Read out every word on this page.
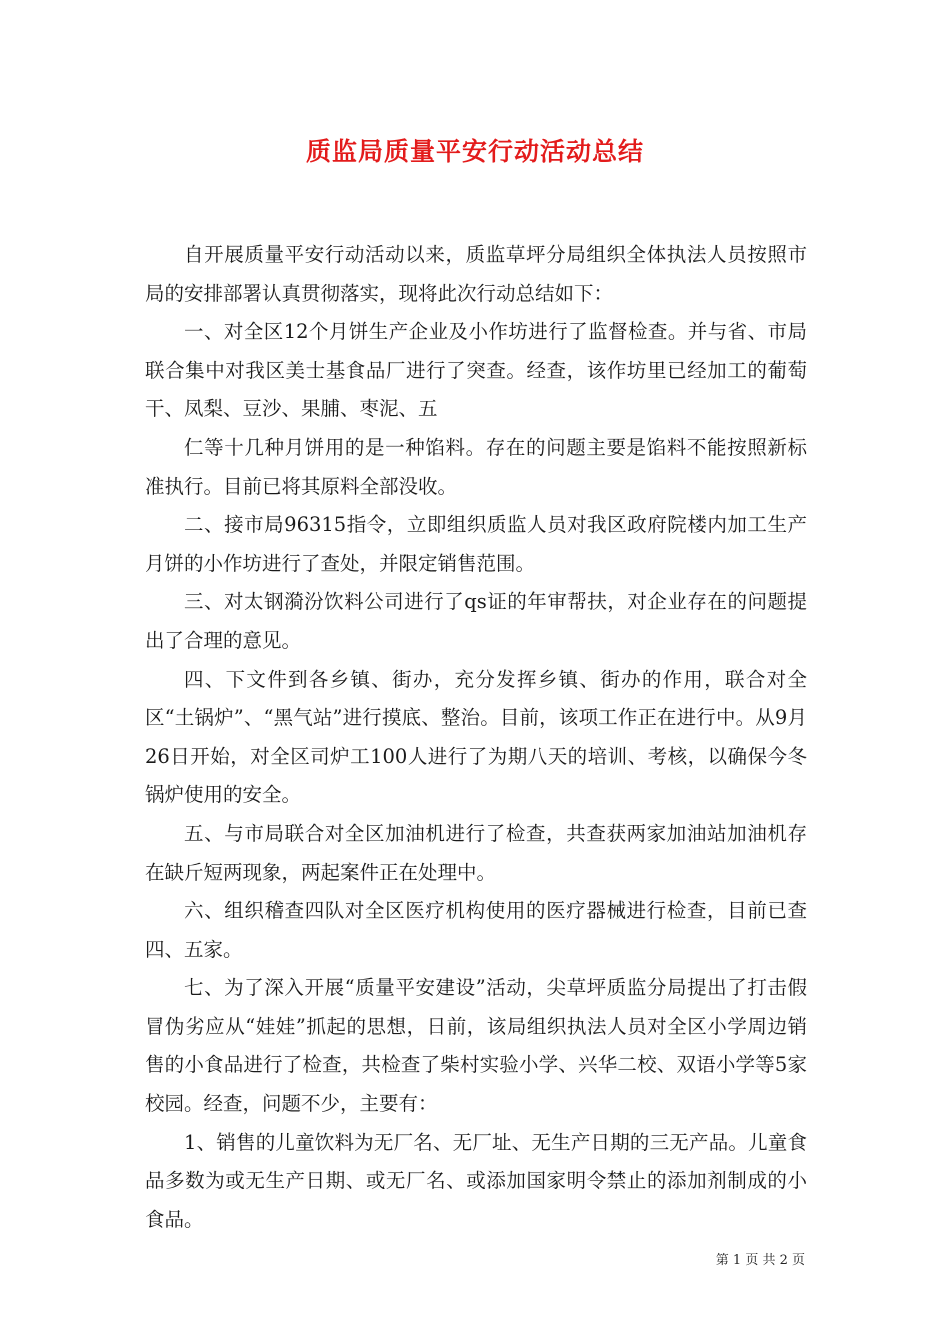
质监局质量平安行动活动总结

自开展质量平安行动活动以来，质监草坪分局组织全体执法人员按照市局的安排部署认真贯彻落实，现将此次行动总结如下：

一、对全区12个月饼生产企业及小作坊进行了监督检查。并与省、市局联合集中对我区美士基食品厂进行了突查。经查，该作坊里已经加工的葡萄干、凤梨、豆沙、果脯、枣泥、五

仁等十几种月饼用的是一种馅料。存在的问题主要是馅料不能按照新标准执行。目前已将其原料全部没收。

二、接市局96315指令，立即组织质监人员对我区政府院楼内加工生产月饼的小作坊进行了查处，并限定销售范围。

三、对太钢漪汾饮料公司进行了qs证的年审帮扶，对企业存在的问题提出了合理的意见。

四、下文件到各乡镇、街办，充分发挥乡镇、街办的作用，联合对全区“土锅炉”、“黑气站”进行摸底、整治。目前，该项工作正在进行中。从9月26日开始，对全区司炉工100人进行了为期八天的培训、考核，以确保今冬锅炉使用的安全。

五、与市局联合对全区加油机进行了检查，共查获两家加油站加油机存在缺斤短两现象，两起案件正在处理中。

六、组织稽查四队对全区医疗机构使用的医疗器械进行检查，目前已查四、五家。

七、为了深入开展“质量平安建设”活动，尖草坪质监分局提出了打击假冒伪劣应从“娃娃”抓起的思想，日前，该局组织执法人员对全区小学周边销售的小食品进行了检查，共检查了柴村实验小学、兴华二校、双语小学等5家校园。经查，问题不少，主要有：

1、销售的儿童饮料为无厂名、无厂址、无生产日期的三无产品。儿童食品多数为或无生产日期、或无厂名、或添加国家明令禁止的添加剂制成的小食品。

第 1 页 共 2 页
